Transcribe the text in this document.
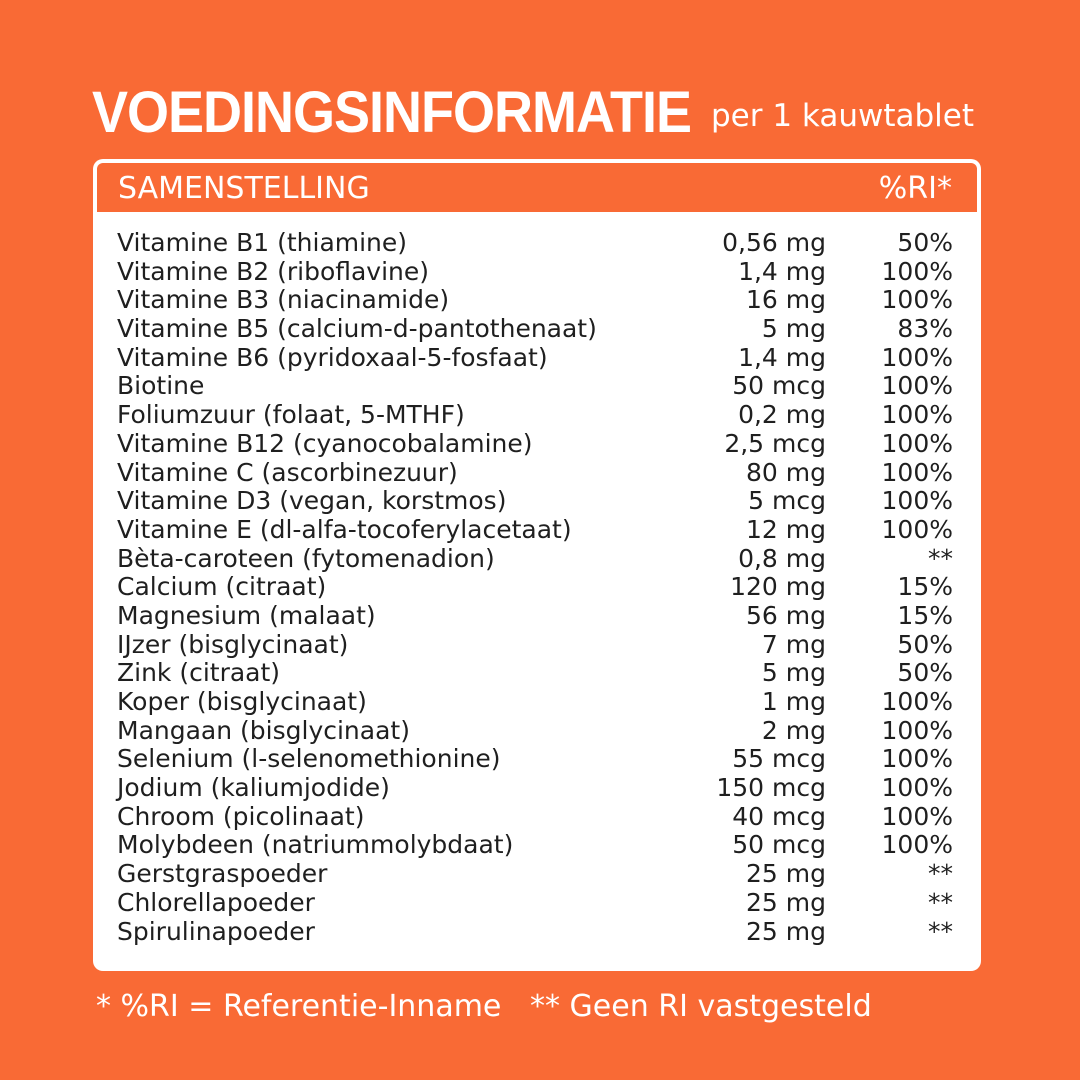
VOEDINGSINFORMATIE per 1 kauwtablet
SAMENSTELLING	%RI*
Vitamine B1 (thiamine)	0,56 mg	50%
Vitamine B2 (riboflavine)	1,4 mg 100%
Vitamine B3 (niacinamide)	16 mg 100%
Vitamine B5 (calcium-d-pantothenaat)	5 mg	83%
Vitamine B6 (pyridoxaal-5-fosfaat)	1,4 mg 100%
Biotine	50 mcg 100%
Foliumzuur (folaat, 5-MTHF)	0,2 mg 100%
Vitamine B12 (cyanocobalamine)	2,5 mcg 100%
Vitamine C (ascorbinezuur)	80 mg 100%
Vitamine D3 (vegan, korstmos)	5 mcg 100%
Vitamine E (dl-alfa-tocoferylacetaat)	12 mg 100%
Bèta-caroteen (fytomenadion)	0,8 mg	**
Calcium (citraat)	120 mg	15%
Magnesium (malaat)	56 mg	15%
IJzer (bisglycinaat)	7 mg	50%
Zink (citraat)	5 mg	50%
Koper (bisglycinaat)	1 mg 100%
Mangaan (bisglycinaat)	2 mg 100%
Selenium (l-selenomethionine)	55 mcg 100%
Jodium (kaliumjodide)	150 mcg 100%
Chroom (picolinaat)	40 mcg 100%
Molybdeen (natriummolybdaat)	50 mcg 100%
Gerstgraspoeder	25 mg	**
Chlorellapoeder	25 mg	**
Spirulinapoeder	25 mg	**
* %RI = Referentie-Inname ** Geen RI vastgesteld
